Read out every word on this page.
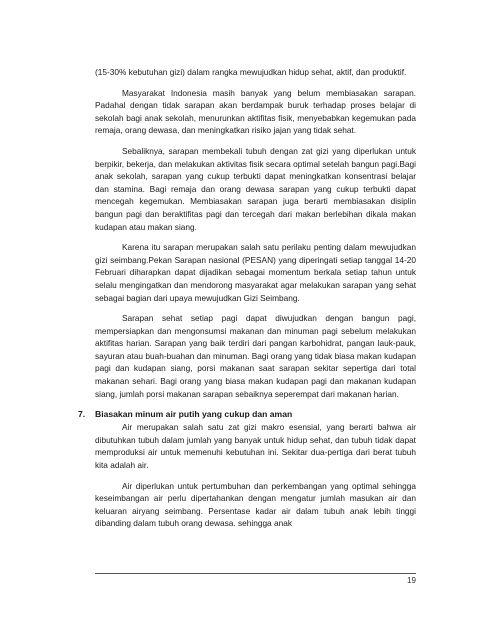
(15-30% kebutuhan gizi) dalam rangka mewujudkan hidup sehat, aktif, dan produktif.

Masyarakat Indonesia masih banyak yang belum membiasakan sarapan. Padahal dengan tidak sarapan akan berdampak buruk terhadap proses belajar di sekolah bagi anak sekolah, menurunkan aktifitas fisik, menyebabkan kegemukan pada remaja, orang dewasa, dan meningkatkan risiko jajan yang tidak sehat.

Sebaliknya, sarapan membekali tubuh dengan zat gizi yang diperlukan untuk berpikir, bekerja, dan melakukan aktivitas fisik secara optimal setelah bangun pagi.Bagi anak sekolah, sarapan yang cukup terbukti dapat meningkatkan konsentrasi belajar dan stamina. Bagi remaja dan orang dewasa sarapan yang cukup terbukti dapat mencegah kegemukan. Membiasakan sarapan juga berarti membiasakan disiplin bangun pagi dan beraktifitas pagi dan tercegah dari makan berlebihan dikala makan kudapan atau makan siang.

Karena itu sarapan merupakan salah satu perilaku penting dalam mewujudkan gizi seimbang.Pekan Sarapan nasional (PESAN) yang diperingati setiap tanggal 14-20 Februari diharapkan dapat dijadikan sebagai momentum berkala setiap tahun untuk selalu mengingatkan dan mendorong masyarakat agar melakukan sarapan yang sehat sebagai bagian dari upaya mewujudkan Gizi Seimbang.

Sarapan sehat setiap pagi dapat diwujudkan dengan bangun pagi, mempersiapkan dan mengonsumsi makanan dan minuman pagi sebelum melakukan aktifitas harian. Sarapan yang baik terdiri dari pangan karbohidrat, pangan lauk-pauk, sayuran atau buah-buahan dan minuman. Bagi orang yang tidak biasa makan kudapan pagi dan kudapan siang, porsi makanan saat sarapan sekitar sepertiga dari total makanan sehari. Bagi orang yang biasa makan kudapan pagi dan makanan kudapan siang, jumlah porsi makanan sarapan sebaiknya seperempat dari makanan harian.

7. Biasakan minum air putih yang cukup dan aman

Air merupakan salah satu zat gizi makro esensial, yang berarti bahwa air dibutuhkan tubuh dalam jumlah yang banyak untuk hidup sehat, dan tubuh tidak dapat memproduksi air untuk memenuhi kebutuhan ini. Sekitar dua-pertiga dari berat tubuh kita adalah air.

Air diperlukan untuk pertumbuhan dan perkembangan yang optimal sehingga keseimbangan air perlu dipertahankan dengan mengatur jumlah masukan air dan keluaran airyang seimbang. Persentase kadar air dalam tubuh anak lebih tinggi dibanding dalam tubuh orang dewasa. sehingga anak

19
